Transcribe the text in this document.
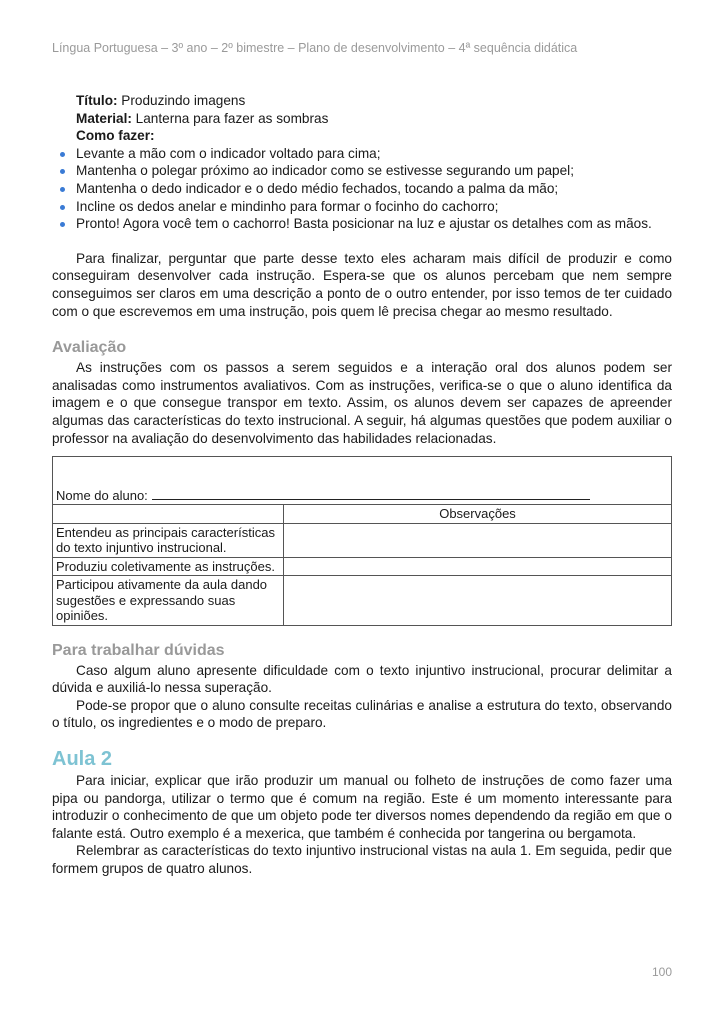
Língua Portuguesa – 3º ano – 2º bimestre – Plano de desenvolvimento – 4ª sequência didática
Título: Produzindo imagens
Material: Lanterna para fazer as sombras
Como fazer:
Levante a mão com o indicador voltado para cima;
Mantenha o polegar próximo ao indicador como se estivesse segurando um papel;
Mantenha o dedo indicador e o dedo médio fechados, tocando a palma da mão;
Incline os dedos anelar e mindinho para formar o focinho do cachorro;
Pronto! Agora você tem o cachorro! Basta posicionar na luz e ajustar os detalhes com as mãos.

Para finalizar, perguntar que parte desse texto eles acharam mais difícil de produzir e como conseguiram desenvolver cada instrução. Espera-se que os alunos percebam que nem sempre conseguimos ser claros em uma descrição a ponto de o outro entender, por isso temos de ter cuidado com o que escrevemos em uma instrução, pois quem lê precisa chegar ao mesmo resultado.

Avaliação

As instruções com os passos a serem seguidos e a interação oral dos alunos podem ser analisadas como instrumentos avaliativos. Com as instruções, verifica-se o que o aluno identifica da imagem e o que consegue transpor em texto. Assim, os alunos devem ser capazes de apreender algumas das características do texto instrucional. A seguir, há algumas questões que podem auxiliar o professor na avaliação do desenvolvimento das habilidades relacionadas.

Nome do aluno:	
	Observações
Entendeu as principais características do texto injuntivo instrucional.	
Produziu coletivamente as instruções.	
Participou ativamente da aula dando sugestões e expressando suas opiniões.	
Para trabalhar dúvidas

Caso algum aluno apresente dificuldade com o texto injuntivo instrucional, procurar delimitar a dúvida e auxiliá-lo nessa superação.

Pode-se propor que o aluno consulte receitas culinárias e analise a estrutura do texto, observando o título, os ingredientes e o modo de preparo.

Aula 2

Para iniciar, explicar que irão produzir um manual ou folheto de instruções de como fazer uma pipa ou pandorga, utilizar o termo que é comum na região. Este é um momento interessante para introduzir o conhecimento de que um objeto pode ter diversos nomes dependendo da região em que o falante está. Outro exemplo é a mexerica, que também é conhecida por tangerina ou bergamota.

Relembrar as características do texto injuntivo instrucional vistas na aula 1. Em seguida, pedir que formem grupos de quatro alunos.

100
